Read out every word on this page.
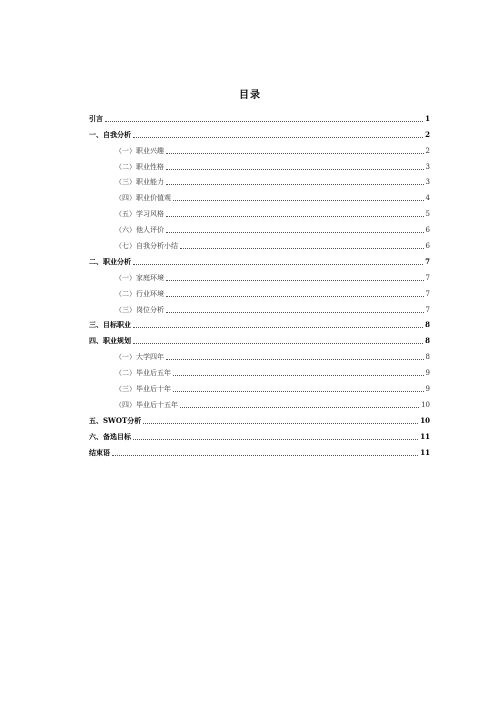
目录
引言	1
一、自我分析	2
（一）职业兴趣	2
（二）职业性格	3
（三）职业能力	3
（四）职业价值观	4
（五）学习风格	5
（六）他人评价	6
（七）自我分析小结	6
二、职业分析	7
（一）家庭环境	7
（二）行业环境	7
（三）岗位分析	7
三、目标职业	8
四、职业规划	8
（一）大学四年	8
（二）毕业后五年	9
（三）毕业后十年	9
（四）毕业后十五年	10
五、SWOT分析	10
六、备选目标	11
结束语	11
